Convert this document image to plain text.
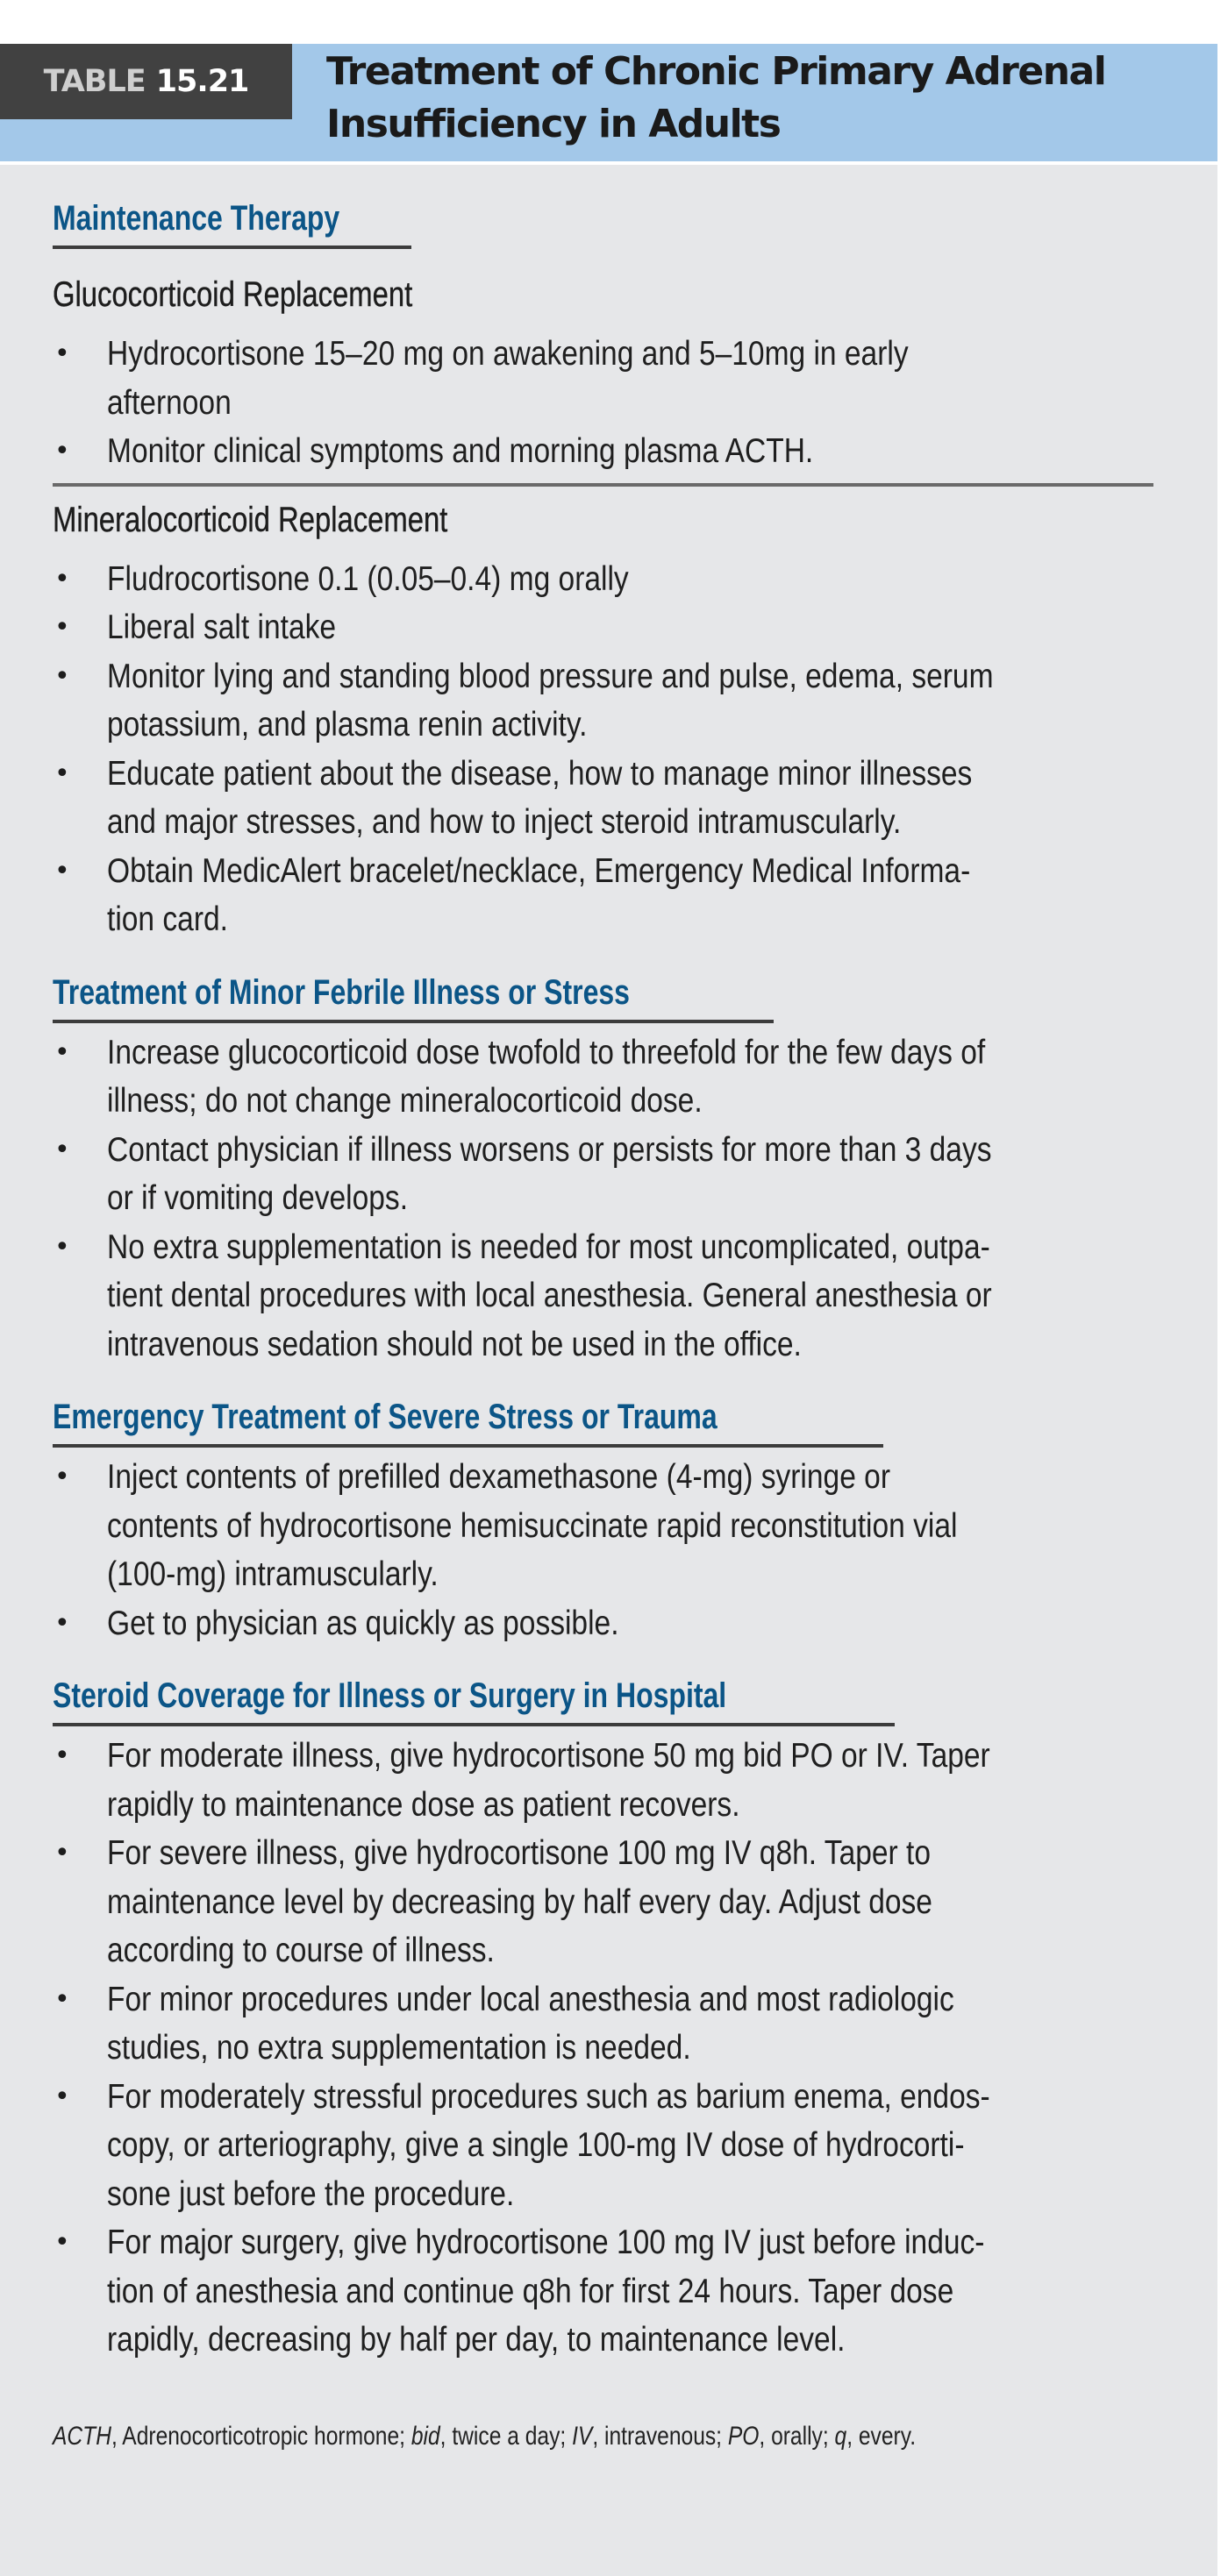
TABLE 15.21 Treatment of Chronic Primary Adrenal
Insufficiency in Adults
Maintenance Therapy
Glucocorticoid Replacement
• Hydrocortisone 15–20 mg on awakening and 5–10mg in early
afternoon
• Monitor clinical symptoms and morning plasma ACTH.
Mineralocorticoid Replacement
• Fludrocortisone 0.1 (0.05–0.4) mg orally
• Liberal salt intake
• Monitor lying and standing blood pressure and pulse, edema, serum
potassium, and plasma renin activity.
• Educate patient about the disease, how to manage minor illnesses
and major stresses, and how to inject steroid intramuscularly.
• Obtain MedicAlert bracelet/necklace, Emergency Medical Informa-
tion card.
Treatment of Minor Febrile Illness or Stress
• Increase glucocorticoid dose twofold to threefold for the few days of
illness; do not change mineralocorticoid dose.
• Contact physician if illness worsens or persists for more than 3 days
or if vomiting develops.
• No extra supplementation is needed for most uncomplicated, outpa-
tient dental procedures with local anesthesia. General anesthesia or
intravenous sedation should not be used in the office.
Emergency Treatment of Severe Stress or Trauma
• Inject contents of prefilled dexamethasone (4-mg) syringe or
contents of hydrocortisone hemisuccinate rapid reconstitution vial
(100-mg) intramuscularly.
• Get to physician as quickly as possible.
Steroid Coverage for Illness or Surgery in Hospital
• For moderate illness, give hydrocortisone 50 mg bid PO or IV. Taper
rapidly to maintenance dose as patient recovers.
• For severe illness, give hydrocortisone 100 mg IV q8h. Taper to
maintenance level by decreasing by half every day. Adjust dose
according to course of illness.
• For minor procedures under local anesthesia and most radiologic
studies, no extra supplementation is needed.
• For moderately stressful procedures such as barium enema, endos-
copy, or arteriography, give a single 100-mg IV dose of hydrocorti-
sone just before the procedure.
• For major surgery, give hydrocortisone 100 mg IV just before induc-
tion of anesthesia and continue q8h for first 24 hours. Taper dose
rapidly, decreasing by half per day, to maintenance level.
ACTH, Adrenocorticotropic hormone; bid, twice a day; IV, intravenous; PO, orally; q, every.
